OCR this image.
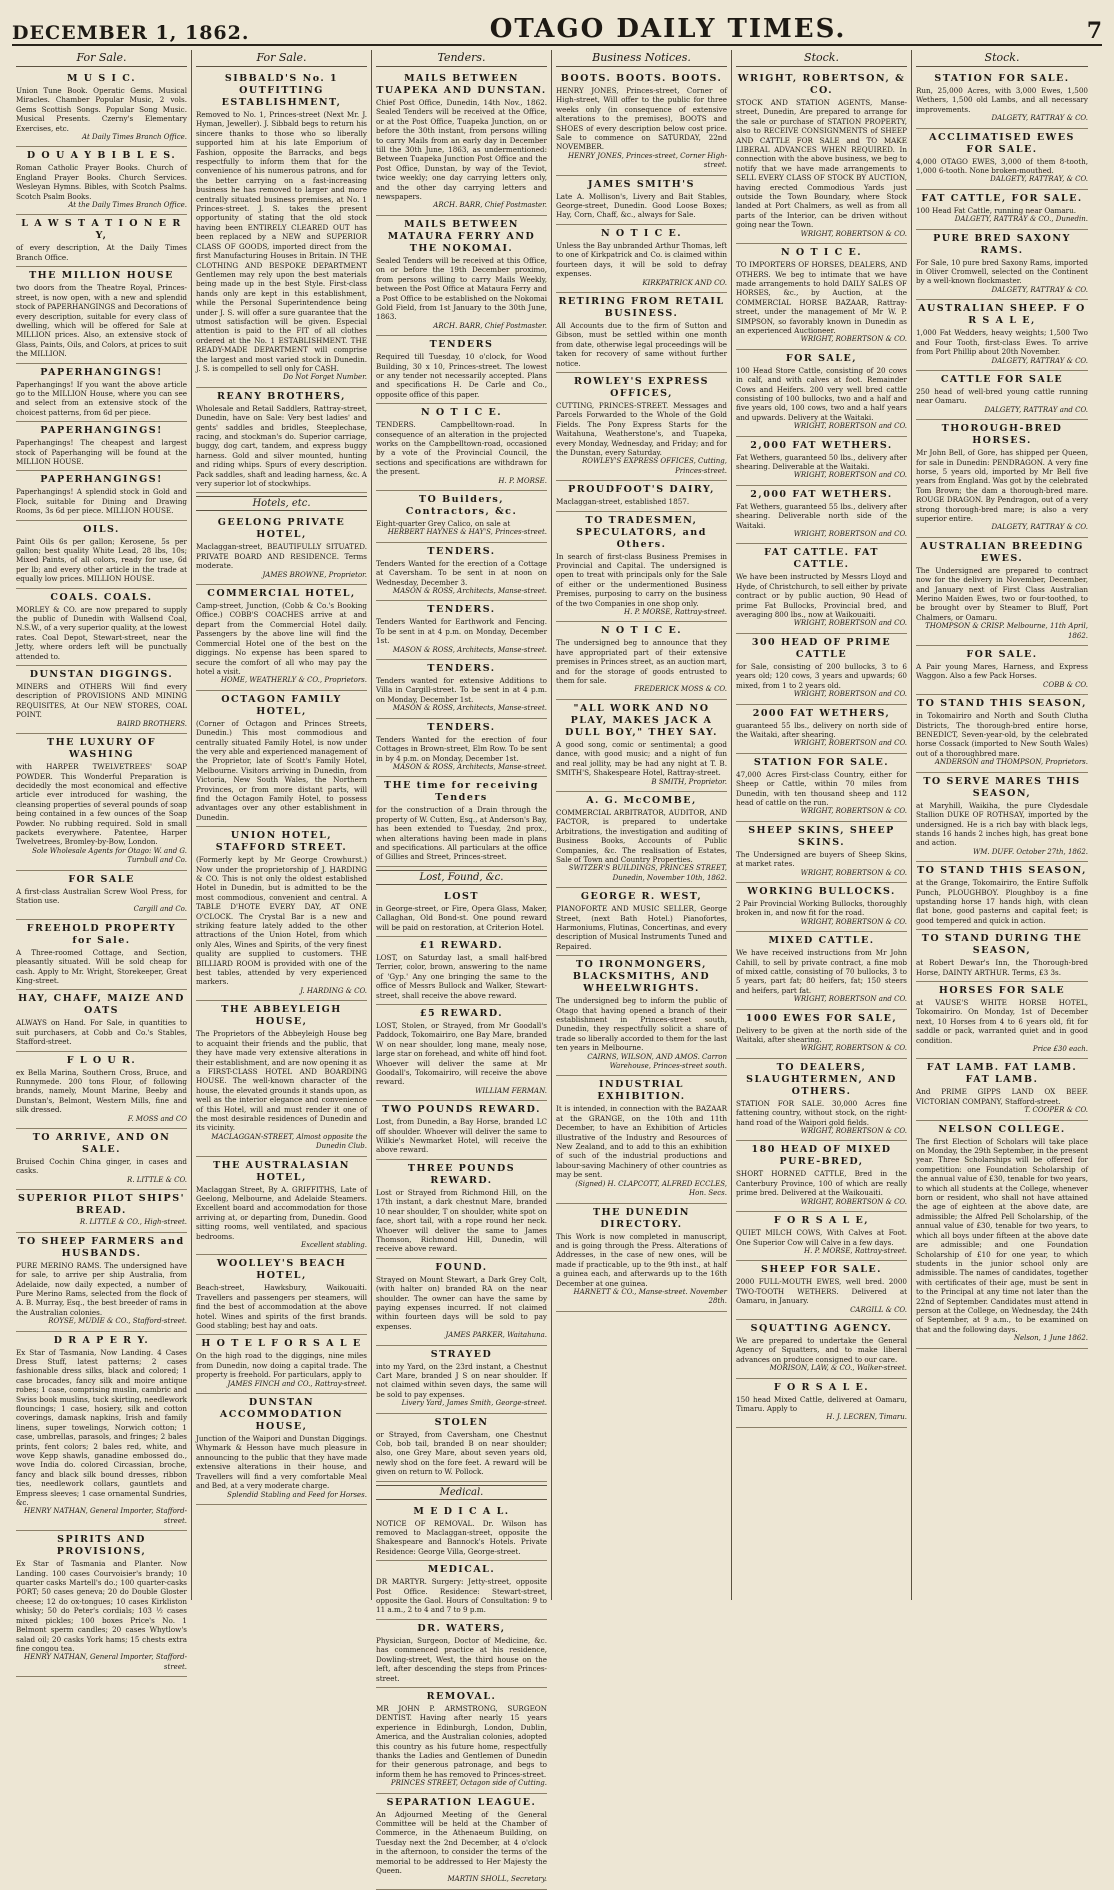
DECEMBER 1, 1862.	OTAGO DAILY TIMES.	7
For Sale.
M U S I C.
Union Tune Book. Operatic Gems. Musical Miracles. Chamber Popular Music, 2 vols. Gems Scottish Songs. Popular Song Music. Musical Presents. Czerny's Elementary Exercises, etc.
At Daily Times Branch Office.
D O U A Y B I B L E S.
Roman Catholic Prayer Books. Church of England Prayer Books. Church Services. Wesleyan Hymns. Bibles, with Scotch Psalms. Scotch Psalm Books.
At the Daily Times Branch Office.
L A W S T A T I O N E R Y,
of every description, At the Daily Times Branch Office.
THE MILLION HOUSE
two doors from the Theatre Royal, Princes-street, is now open, with a new and splendid stock of PAPERHANGINGS and Decorations of every description, suitable for every class of dwelling, which will be offered for Sale at MILLION prices. Also, an extensive stock of Glass, Paints, Oils, and Colors, at prices to suit the MILLION.
PAPERHANGINGS!
Paperhangings! If you want the above article go to the MILLION House, where you can see and select from an extensive stock of the choicest patterns, from 6d per piece.
PAPERHANGINGS!
Paperhangings! The cheapest and largest stock of Paperhanging will be found at the MILLION HOUSE.
PAPERHANGINGS!
Paperhangings! A splendid stock in Gold and Flock, suitable for Dining and Drawing Rooms, 3s 6d per piece. MILLION HOUSE.
OILS.
Paint Oils 6s per gallon; Kerosene, 5s per gallon; best quality White Lead, 28 lbs, 10s; Mixed Paints, of all colors, ready for use, 6d per lb; and every other article in the trade at equally low prices. MILLION HOUSE.
COALS. COALS.
MORLEY & CO. are now prepared to supply the public of Dunedin with Wallsend Coal, N.S.W., of a very superior quality, at the lowest rates. Coal Depot, Stewart-street, near the Jetty, where orders left will be punctually attended to.
DUNSTAN DIGGINGS.
MINERS and OTHERS Will find every description of PROVISIONS AND MINING REQUISITES, At Our NEW STORES, COAL POINT.
BAIRD BROTHERS.
THE LUXURY OF WASHING
with HARPER TWELVETREES' SOAP POWDER. This Wonderful Preparation is decidedly the most economical and effective article ever introduced for washing, the cleansing properties of several pounds of soap being contained in a few ounces of the Soap Powder. No rubbing required. Sold in small packets everywhere. Patentee, Harper Twelvetrees, Bromley-by-Bow, London.
Sole Wholesale Agents for Otago: W. and G. Turnbull and Co.
FOR SALE
A first-class Australian Screw Wool Press, for Station use.
Cargill and Co.
FREEHOLD PROPERTY for Sale.
A Three-roomed Cottage, and Section, pleasantly situated. Will be sold cheap for cash. Apply to Mr. Wright, Storekeeper, Great King-street.
HAY, CHAFF, MAIZE AND OATS
ALWAYS on Hand. For Sale, in quantities to suit purchasers, at Cobb and Co.'s Stables, Stafford-street.
F L O U R.
ex Bella Marina, Southern Cross, Bruce, and Runnymede. 200 tons Flour, of following brands, namely, Mount Marine, Beeby and Dunstan's, Belmont, Western Mills, fine and silk dressed.
F. MOSS and CO
TO ARRIVE, AND ON SALE.
Bruised Cochin China ginger, in cases and casks.
R. LITTLE & CO.
SUPERIOR PILOT SHIPS' BREAD.
R. LITTLE & CO., High-street.
TO SHEEP FARMERS and HUSBANDS.
PURE MERINO RAMS. The undersigned have for sale, to arrive per ship Australia, from Adelaide, now daily expected, a number of Pure Merino Rams, selected from the flock of A. B. Murray, Esq., the best breeder of rams in the Australian colonies.
ROYSE, MUDIE & CO., Stafford-street.
D R A P E R Y.
Ex Star of Tasmania, Now Landing. 4 Cases Dress Stuff, latest patterns; 2 cases fashionable dress silks, black and colored; 1 case brocades, fancy silk and moire antique robes; 1 case, comprising muslin, cambric and Swiss book muslins, tuck skirting, needlework flouncings; 1 case, hosiery, silk and cotton coverings, damask napkins, Irish and family linens, super towelings, Norwich cotton; 1 case, umbrellas, parasols, and fringes; 2 bales prints, fent colors; 2 bales red, white, and wove Kepp shawls, ganadine embossed do., wove India do. colored Circassian, broche, fancy and black silk bound dresses, ribbon ties, needlework collars, gauntlets and Empress sleeves; 1 case ornamental Sundries, &c.
HENRY NATHAN, General Importer, Stafford-street.
SPIRITS AND PROVISIONS,
Ex Star of Tasmania and Planter. Now Landing. 100 cases Courvoisier's brandy; 10 quarter casks Martell's do.; 100 quarter-casks PORT; 50 cases geneva; 20 do Double Gloster cheese; 12 do ox-tongues; 10 cases Kirkliston whisky; 50 do Peter's cordials; 103 ½ cases mixed pickles; 100 boxes Price's No. 1 Belmont sperm candles; 20 cases Whytlow's salad oil; 20 casks York hams; 15 chests extra fine congou tea.
HENRY NATHAN, General Importer, Stafford-street.
For Sale.
SIBBALD'S No. 1 OUTFITTING ESTABLISHMENT,
Removed to No. 1, Princes-street (Next Mr. J. Hyman, Jeweller). J. Sibbald begs to return his sincere thanks to those who so liberally supported him at his late Emporium of Fashion, opposite the Barracks, and begs respectfully to inform them that for the convenience of his numerous patrons, and for the better carrying on a fast-increasing business he has removed to larger and more centrally situated business premises, at No. 1 Princes-street. J. S. takes the present opportunity of stating that the old stock having been ENTIRELY CLEARED OUT has been replaced by a NEW and SUPERIOR CLASS OF GOODS, imported direct from the first Manufacturing Houses in Britain. IN THE CLOTHING AND BESPOKE DEPARTMENT Gentlemen may rely upon the best materials being made up in the best Style. First-class hands only are kept in this establishment, while the Personal Superintendence being under J. S. will offer a sure guarantee that the utmost satisfaction will be given. Especial attention is paid to the FIT of all clothes ordered at the No. 1 ESTABLISHMENT. THE READY-MADE DEPARTMENT will comprise the largest and most varied stock in Dunedin. J. S. is compelled to sell only for CASH.
Do Not Forget Number.
REANY BROTHERS,
Wholesale and Retail Saddlers, Rattray-street, Dunedin, have on Sale: Very best ladies' and gents' saddles and bridles, Steeplechase, racing, and stockman's do. Superior carriage, buggy, dog cart, tandem, and express buggy harness. Gold and silver mounted, hunting and riding whips. Spurs of every description. Pack saddles, shaft and leading harness, &c. A very superior lot of stockwhips.
Hotels, etc.
GEELONG PRIVATE HOTEL,
Maclaggan-street, BEAUTIFULLY SITUATED. PRIVATE BOARD AND RESIDENCE. Terms moderate.
JAMES BROWNE, Proprietor.
COMMERCIAL HOTEL,
Camp-street, Junction, (Cobb & Co.'s Booking Office.) COBB'S COACHES arrive at and depart from the Commercial Hotel daily. Passengers by the above line will find the Commercial Hotel one of the best on the diggings. No expense has been spared to secure the comfort of all who may pay the hotel a visit.
HOME, WEATHERLY & CO., Proprietors.
OCTAGON FAMILY HOTEL,
(Corner of Octagon and Princes Streets, Dunedin.) This most commodious and centrally situated Family Hotel, is now under the very able and experienced management of the Proprietor, late of Scott's Family Hotel, Melbourne. Visitors arriving in Dunedin, from Victoria, New South Wales, the Northern Provinces, or from more distant parts, will find the Octagon Family Hotel, to possess advantages over any other establishment in Dunedin.
UNION HOTEL, STAFFORD STREET.
(Formerly kept by Mr George Crowhurst.) Now under the proprietorship of J. HARDING & CO. This is not only the oldest established Hotel in Dunedin, but is admitted to be the most commodious, convenient and central. A TABLE D'HOTE EVERY DAY, AT ONE O'CLOCK. The Crystal Bar is a new and striking feature lately added to the other attractions of the Union Hotel, from which only Ales, Wines and Spirits, of the very finest quality are supplied to customers. THE BILLIARD ROOM is provided with one of the best tables, attended by very experienced markers.
J. HARDING & CO.
THE ABBEYLEIGH HOUSE,
The Proprietors of the Abbeyleigh House beg to acquaint their friends and the public, that they have made very extensive alterations in their establishment, and are now opening it as a FIRST-CLASS HOTEL AND BOARDING HOUSE. The well-known character of the house, the elevated grounds it stands upon, as well as the interior elegance and convenience of this Hotel, will and must render it one of the most desirable residences of Dunedin and its vicinity.
MACLAGGAN-STREET, Almost opposite the Dunedin Club.
THE AUSTRALASIAN HOTEL,
Maclaggan Street, By A. GRIFFITHS, Late of Geelong, Melbourne, and Adelaide Steamers. Excellent board and accommodation for those arriving at, or departing from, Dunedin. Good sitting rooms, well ventilated, and spacious bedrooms.
Excellent stabling.
WOOLLEY'S BEACH HOTEL,
Beach-street, Hawksbury, Waikouaiti. Travellers and passengers per steamers, will find the best of accommodation at the above hotel. Wines and spirits of the first brands. Good stabling; best hay and oats.
H O T E L F O R S A L E
On the high road to the diggings, nine miles from Dunedin, now doing a capital trade. The property is freehold. For particulars, apply to
JAMES FINCH and CO., Rattray-street.
DUNSTAN ACCOMMODATION HOUSE,
Junction of the Waipori and Dunstan Diggings. Whymark & Hesson have much pleasure in announcing to the public that they have made extensive alterations in their house, and Travellers will find a very comfortable Meal and Bed, at a very moderate charge.
Splendid Stabling and Feed for Horses.
Tenders.
MAILS BETWEEN TUAPEKA AND DUNSTAN.
Chief Post Office, Dunedin, 14th Nov., 1862. Sealed Tenders will be received at the Office, or at the Post Office, Tuapeka Junction, on or before the 30th instant, from persons willing to carry Mails from an early day in December till the 30th June, 1863, as undermentioned: Between Tuapeka Junction Post Office and the Post Office, Dunstan, by way of the Teviot, twice weekly; one day carrying letters only, and the other day carrying letters and newspapers.
ARCH. BARR, Chief Postmaster.
MAILS BETWEEN MATAURA FERRY AND THE NOKOMAI.
Sealed Tenders will be received at this Office, on or before the 19th December proximo, from persons willing to carry Mails Weekly, between the Post Office at Mataura Ferry and a Post Office to be established on the Nokomai Gold Field, from 1st January to the 30th June, 1863.
ARCH. BARR, Chief Postmaster.
TENDERS
Required till Tuesday, 10 o'clock, for Wood Building, 30 x 10, Princes-street. The lowest or any tender not necessarily accepted. Plans and specifications H. De Carle and Co., opposite office of this paper.
N O T I C E.
TENDERS. Campbelltown-road. In consequence of an alteration in the projected works on the Campbelltown-road, occasioned by a vote of the Provincial Council, the sections and specifications are withdrawn for the present.
H. P. MORSE.
TO Builders, Contractors, &c.
Eight-quarter Grey Calico, on sale at
HERBERT HAYNES & HAY'S, Princes-street.
TENDERS.
Tenders Wanted for the erection of a Cottage at Caversham. To be sent in at noon on Wednesday, December 3.
MASON & ROSS, Architects, Manse-street.
TENDERS.
Tenders Wanted for Earthwork and Fencing. To be sent in at 4 p.m. on Monday, December 1st.
MASON & ROSS, Architects, Manse-street.
TENDERS.
Tenders wanted for extensive Additions to Villa in Cargill-street. To be sent in at 4 p.m. on Monday, December 1st.
MASON & ROSS, Architects, Manse-street.
TENDERS.
Tenders Wanted for the erection of four Cottages in Brown-street, Elm Row. To be sent in by 4 p.m. on Monday, December 1st.
MASON & ROSS, Architects, Manse-street.
THE time for receiving Tenders
for the construction of a Drain through the property of W. Cutten, Esq., at Anderson's Bay, has been extended to Tuesday, 2nd prox., when alterations having been made in plans and specifications. All particulars at the office of Gillies and Street, Princes-street.
Lost, Found, &c.
LOST
in George-street, or Fire, Opera Glass, Maker, Callaghan, Old Bond-st. One pound reward will be paid on restoration, at Criterion Hotel.
£1 REWARD.
LOST, on Saturday last, a small half-bred Terrier, color, brown, answering to the name of 'Gyp.' Any one bringing the same to the office of Messrs Bullock and Walker, Stewart-street, shall receive the above reward.
£5 REWARD.
LOST, Stolen, or Strayed, from Mr Goodall's Paddock, Tokomairiro, one Bay Mare, branded W on near shoulder, long mane, mealy nose, large star on forehead, and white off hind foot. Whoever will deliver the same at Mr Goodall's, Tokomairiro, will receive the above reward.
WILLIAM FERMAN.
TWO POUNDS REWARD.
Lost, from Dunedin, a Bay Horse, branded LC off shoulder. Whoever will deliver the same to Wilkie's Newmarket Hotel, will receive the above reward.
THREE POUNDS REWARD.
Lost or Strayed from Richmond Hill, on the 17th instant, a dark chestnut Mare, branded 10 near shoulder, T on shoulder, white spot on face, short tail, with a rope round her neck. Whoever will deliver the same to James Thomson, Richmond Hill, Dunedin, will receive above reward.
FOUND.
Strayed on Mount Stewart, a Dark Grey Colt, (with halter on) branded RA on the near shoulder. The owner can have the same by paying expenses incurred. If not claimed within fourteen days will be sold to pay expenses.
JAMES PARKER, Waitahuna.
STRAYED
into my Yard, on the 23rd instant, a Chestnut Cart Mare, branded J S on near shoulder. If not claimed within seven days, the same will be sold to pay expenses.
Livery Yard, James Smith, George-street.
STOLEN
or Strayed, from Caversham, one Chestnut Cob, bob tail, branded B on near shoulder; also, one Grey Mare, about seven years old, newly shod on the fore feet. A reward will be given on return to W. Pollock.
Medical.
M E D I C A L.
NOTICE OF REMOVAL. Dr. Wilson has removed to Maclaggan-street, opposite the Shakespeare and Bannock's Hotels. Private Residence: George Villa, George-street.
MEDICAL.
DR MARTYR. Surgery: Jetty-street, opposite Post Office. Residence: Stewart-street, opposite the Gaol. Hours of Consultation: 9 to 11 a.m., 2 to 4 and 7 to 9 p.m.
DR. WATERS,
Physician, Surgeon, Doctor of Medicine, &c. has commenced practice at his residence, Dowling-street, West, the third house on the left, after descending the steps from Princes-street.
REMOVAL.
MR JOHN P. ARMSTRONG, SURGEON DENTIST. Having after nearly 15 years experience in Edinburgh, London, Dublin, America, and the Australian colonies, adopted this country as his future home, respectfully thanks the Ladies and Gentlemen of Dunedin for their generous patronage, and begs to inform them he has removed to Princes-street.
PRINCES STREET, Octagon side of Cutting.
SEPARATION LEAGUE.
An Adjourned Meeting of the General Committee will be held at the Chamber of Commerce, in the Athenaeum Building, on Tuesday next the 2nd December, at 4 o'clock in the afternoon, to consider the terms of the memorial to be addressed to Her Majesty the Queen.
MARTIN SHOLL, Secretary.
Business Notices.
BOOTS. BOOTS. BOOTS.
HENRY JONES, Princes-street, Corner of High-street, Will offer to the public for three weeks only (in consequence of extensive alterations to the premises), BOOTS and SHOES of every description below cost price. Sale to commence on SATURDAY, 22nd NOVEMBER.
HENRY JONES, Princes-street, Corner High-street.
JAMES SMITH'S
Late A. Mollison's, Livery and Bait Stables, George-street, Dunedin. Good Loose Boxes; Hay, Corn, Chaff, &c., always for Sale.
N O T I C E.
Unless the Bay unbranded Arthur Thomas, left to one of Kirkpatrick and Co. is claimed within fourteen days, it will be sold to defray expenses.
KIRKPATRICK AND CO.
RETIRING FROM RETAIL BUSINESS.
All Accounts due to the firm of Sutton and Gibson, must be settled within one month from date, otherwise legal proceedings will be taken for recovery of same without further notice.
ROWLEY'S EXPRESS OFFICES,
CUTTING, PRINCES-STREET. Messages and Parcels Forwarded to the Whole of the Gold Fields. The Pony Express Starts for the Waitahuna, Weatherstone's, and Tuapeka, every Monday, Wednesday, and Friday; and for the Dunstan, every Saturday.
ROWLEY'S EXPRESS OFFICES, Cutting, Princes-street.
PROUDFOOT'S DAIRY,
Maclaggan-street, established 1857.
TO TRADESMEN, SPECULATORS, and Others.
In search of first-class Business Premises in Provincial and Capital. The undersigned is open to treat with principals only for the Sale of either or the undermentioned Business Premises, purposing to carry on the business of the two Companies in one shop only.
H. P. MORSE, Rattray-street.
N O T I C E.
The undersigned beg to announce that they have appropriated part of their extensive premises in Princes street, as an auction mart, and for the storage of goods entrusted to them for sale.
FREDERICK MOSS & CO.
"ALL WORK AND NO PLAY, MAKES JACK A DULL BOY," THEY SAY.
A good song, comic or sentimental; a good dance, with good music; and a night of fun and real jollity, may be had any night at T. B. SMITH'S, Shakespeare Hotel, Rattray-street.
B SMITH, Proprietor.
A. G. McCOMBE,
COMMERCIAL ARBITRATOR, AUDITOR, AND FACTOR, is prepared to undertake Arbitrations, the investigation and auditing of Business Books, Accounts of Public Companies, &c. The realisation of Estates, Sale of Town and Country Properties.
SWITZER'S BUILDINGS, PRINCES STREET, Dunedin, November 10th, 1862.
GEORGE R. WEST,
PIANOFORTE AND MUSIC SELLER, George Street, (next Bath Hotel.) Pianofortes, Harmoniums, Flutinas, Concertinas, and every description of Musical Instruments Tuned and Repaired.
TO IRONMONGERS, BLACKSMITHS, AND WHEELWRIGHTS.
The undersigned beg to inform the public of Otago that having opened a branch of their establishment in Princes-street south, Dunedin, they respectfully solicit a share of trade so liberally accorded to them for the last ten years in Melbourne.
CAIRNS, WILSON, AND AMOS. Carron Warehouse, Princes-street south.
INDUSTRIAL EXHIBITION.
It is intended, in connection with the BAZAAR at the GRANGE, on the 10th and 11th December, to have an Exhibition of Articles illustrative of the Industry and Resources of New Zealand, and to add to this an exhibition of such of the industrial productions and labour-saving Machinery of other countries as may be sent.
(Signed) H. CLAPCOTT, ALFRED ECCLES, Hon. Secs.
THE DUNEDIN DIRECTORY.
This Work is now completed in manuscript, and is going through the Press. Alterations of Addresses, in the case of new ones, will be made if practicable, up to the 9th inst., at half a guinea each, and afterwards up to the 16th December at one guinea.
HARNETT & CO., Manse-street. November 28th.
Stock.
WRIGHT, ROBERTSON, & CO.
STOCK AND STATION AGENTS, Manse-street, Dunedin, Are prepared to arrange for the sale or purchase of STATION PROPERTY, also to RECEIVE CONSIGNMENTS of SHEEP AND CATTLE FOR SALE and TO MAKE LIBERAL ADVANCES WHEN REQUIRED. In connection with the above business, we beg to notify that we have made arrangements to SELL EVERY CLASS OF STOCK BY AUCTION, having erected Commodious Yards just outside the Town Boundary, where Stock landed at Port Chalmers, as well as from all parts of the Interior, can be driven without going near the Town.
WRIGHT, ROBERTSON & CO.
N O T I C E.
TO IMPORTERS OF HORSES, DEALERS, AND OTHERS. We beg to intimate that we have made arrangements to hold DAILY SALES OF HORSES, &c., by Auction, at the COMMERCIAL HORSE BAZAAR, Rattray-street, under the management of Mr W. P. SIMPSON, so favorably known in Dunedin as an experienced Auctioneer.
WRIGHT, ROBERTSON & CO.
FOR SALE,
100 Head Store Cattle, consisting of 20 cows in calf, and with calves at foot. Remainder Cows and Heifers. 200 very well bred cattle consisting of 100 bullocks, two and a half and five years old, 100 cows, two and a half years and upwards. Delivery at the Waitaki.
WRIGHT, ROBERTSON and CO.
2,000 FAT WETHERS.
Fat Wethers, guaranteed 50 lbs., delivery after shearing. Deliverable at the Waitaki.
WRIGHT, ROBERTSON and CO.
2,000 FAT WETHERS.
Fat Wethers, guaranteed 55 lbs., delivery after shearing. Deliverable north side of the Waitaki.
WRIGHT, ROBERTSON and CO.
FAT CATTLE. FAT CATTLE.
We have been instructed by Messrs Lloyd and Hyde, of Christchurch, to sell either by private contract or by public auction, 90 Head of prime Fat Bullocks, Provincial bred, and averaging 800 lbs., now at Waikouaiti.
WRIGHT, ROBERTSON and CO.
300 HEAD OF PRIME CATTLE
for Sale, consisting of 200 bullocks, 3 to 6 years old; 120 cows, 3 years and upwards; 60 mixed, from 1 to 2 years old.
WRIGHT, ROBERTSON and CO.
2000 FAT WETHERS,
guaranteed 55 lbs., delivery on north side of the Waitaki, after shearing.
WRIGHT, ROBERTSON and CO.
STATION FOR SALE.
47,000 Acres First-class Country, either for Sheep or Cattle, within 70 miles from Dunedin, with ten thousand sheep and 112 head of cattle on the run.
WRIGHT, ROBERTSON & CO.
SHEEP SKINS, SHEEP SKINS.
The Undersigned are buyers of Sheep Skins, at market rates.
WRIGHT, ROBERTSON & CO.
WORKING BULLOCKS.
2 Pair Provincial Working Bullocks, thoroughly broken in, and now fit for the road.
WRIGHT, ROBERTSON & CO.
MIXED CATTLE.
We have received instructions from Mr John Cahill, to sell by private contract, a fine mob of mixed cattle, consisting of 70 bullocks, 3 to 5 years, part fat; 80 heifers, fat; 150 steers and heifers, part fat.
WRIGHT, ROBERTSON and CO.
1000 EWES FOR SALE,
Delivery to be given at the north side of the Waitaki, after shearing.
WRIGHT, ROBERTSON & CO.
TO DEALERS, SLAUGHTERMEN, AND OTHERS.
STATION FOR SALE. 30,000 Acres fine fattening country, without stock, on the right-hand road of the Waipori gold fields.
WRIGHT, ROBERTSON & CO.
180 HEAD OF MIXED PURE-BRED,
SHORT HORNED CATTLE, Bred in the Canterbury Province, 100 of which are really prime bred. Delivered at the Waikouaiti.
WRIGHT, ROBERTSON & CO.
F O R S A L E,
QUIET MILCH COWS, With Calves at Foot. One Superior Cow will Calve in a few days.
H. P. MORSE, Rattray-street.
SHEEP FOR SALE.
2000 FULL-MOUTH EWES, well bred. 2000 TWO-TOOTH WETHERS. Delivered at Oamaru, in January.
CARGILL & CO.
SQUATTING AGENCY.
We are prepared to undertake the General Agency of Squatters, and to make liberal advances on produce consigned to our care.
MORISON, LAW, & CO., Walker-street.
F O R S A L E.
150 head Mixed Cattle, delivered at Oamaru, Timaru. Apply to
H. J. LECREN, Timaru.
Stock.
STATION FOR SALE.
Run, 25,000 Acres, with 3,000 Ewes, 1,500 Wethers, 1,500 old Lambs, and all necessary improvements.
DALGETY, RATTRAY & CO.
ACCLIMATISED EWES FOR SALE.
4,000 OTAGO EWES, 3,000 of them 8-tooth, 1,000 6-tooth. None broken-mouthed.
DALGETY, RATTRAY, & CO.
FAT CATTLE, FOR SALE.
100 Head Fat Cattle, running near Oamaru.
DALGETY, RATTRAY & CO., Dunedin.
PURE BRED SAXONY RAMS.
For Sale, 10 pure bred Saxony Rams, imported in Oliver Cromwell, selected on the Continent by a well-known flockmaster.
DALGETY, RATTRAY & CO.
AUSTRALIAN SHEEP. F O R S A L E,
1,000 Fat Wedders, heavy weights; 1,500 Two and Four Tooth, first-class Ewes. To arrive from Port Phillip about 20th November.
DALGETY, RATTRAY & CO.
CATTLE FOR SALE
250 head of well-bred young cattle running near Oamaru.
DALGETY, RATTRAY and CO.
THOROUGH-BRED HORSES.
Mr John Bell, of Gore, has shipped per Queen, for sale in Dunedin: PENDRAGON. A very fine horse, 5 years old, imported by Mr Bell five years from England. Was got by the celebrated Tom Brown; the dam a thorough-bred mare. ROUGE DRAGON. By Pendragon, out of a very strong thorough-bred mare; is also a very superior entire.
DALGETY, RATTRAY & CO.
AUSTRALIAN BREEDING EWES.
The Undersigned are prepared to contract now for the delivery in November, December, and January next of First Class Australian Merino Maiden Ewes, two or four-toothed, to be brought over by Steamer to Bluff, Port Chalmers, or Oamaru.
THOMPSON & CRISP. Melbourne, 11th April, 1862.
FOR SALE.
A Pair young Mares, Harness, and Express Waggon. Also a few Pack Horses.
COBB & CO.
TO STAND THIS SEASON,
in Tokomairiro and North and South Clutha Districts, The thorough-bred entire horse, BENEDICT, Seven-year-old, by the celebrated horse Cossack (imported to New South Wales) out of a thoroughbred mare.
ANDERSON and THOMPSON, Proprietors.
TO SERVE MARES THIS SEASON,
at Maryhill, Waikiha, the pure Clydesdale Stallion DUKE OF ROTHSAY, imported by the undersigned. He is a rich bay with black legs, stands 16 hands 2 inches high, has great bone and action.
WM. DUFF. October 27th, 1862.
TO STAND THIS SEASON,
at the Grange, Tokomairiro, the Entire Suffolk Punch, PLOUGHBOY. Ploughboy is a fine upstanding horse 17 hands high, with clean flat bone, good pasterns and capital feet; is good tempered and quick in action.
TO STAND DURING THE SEASON,
at Robert Dewar's Inn, the Thorough-bred Horse, DAINTY ARTHUR. Terms, £3 3s.
HORSES FOR SALE
at VAUSE'S WHITE HORSE HOTEL, Tokomairiro. On Monday, 1st of December next, 10 Horses from 4 to 6 years old, fit for saddle or pack, warranted quiet and in good condition.
Price £30 each.
FAT LAMB. FAT LAMB. FAT LAMB.
And PRIME GIPPS LAND OX BEEF. VICTORIAN COMPANY, Stafford-street.
T. COOPER & CO.
NELSON COLLEGE.
The first Election of Scholars will take place on Monday, the 29th September, in the present year. Three Scholarships will be offered for competition: one Foundation Scholarship of the annual value of £30, tenable for two years, to which all students at the College, whenever born or resident, who shall not have attained the age of eighteen at the above date, are admissible; the Alfred Pell Scholarship, of the annual value of £30, tenable for two years, to which all boys under fifteen at the above date are admissible; and one Foundation Scholarship of £10 for one year, to which students in the junior school only are admissible. The names of candidates, together with certificates of their age, must be sent in to the Principal at any time not later than the 22nd of September. Candidates must attend in person at the College, on Wednesday, the 24th of September, at 9 a.m., to be examined on that and the following days.
Nelson, 1 June 1862.
